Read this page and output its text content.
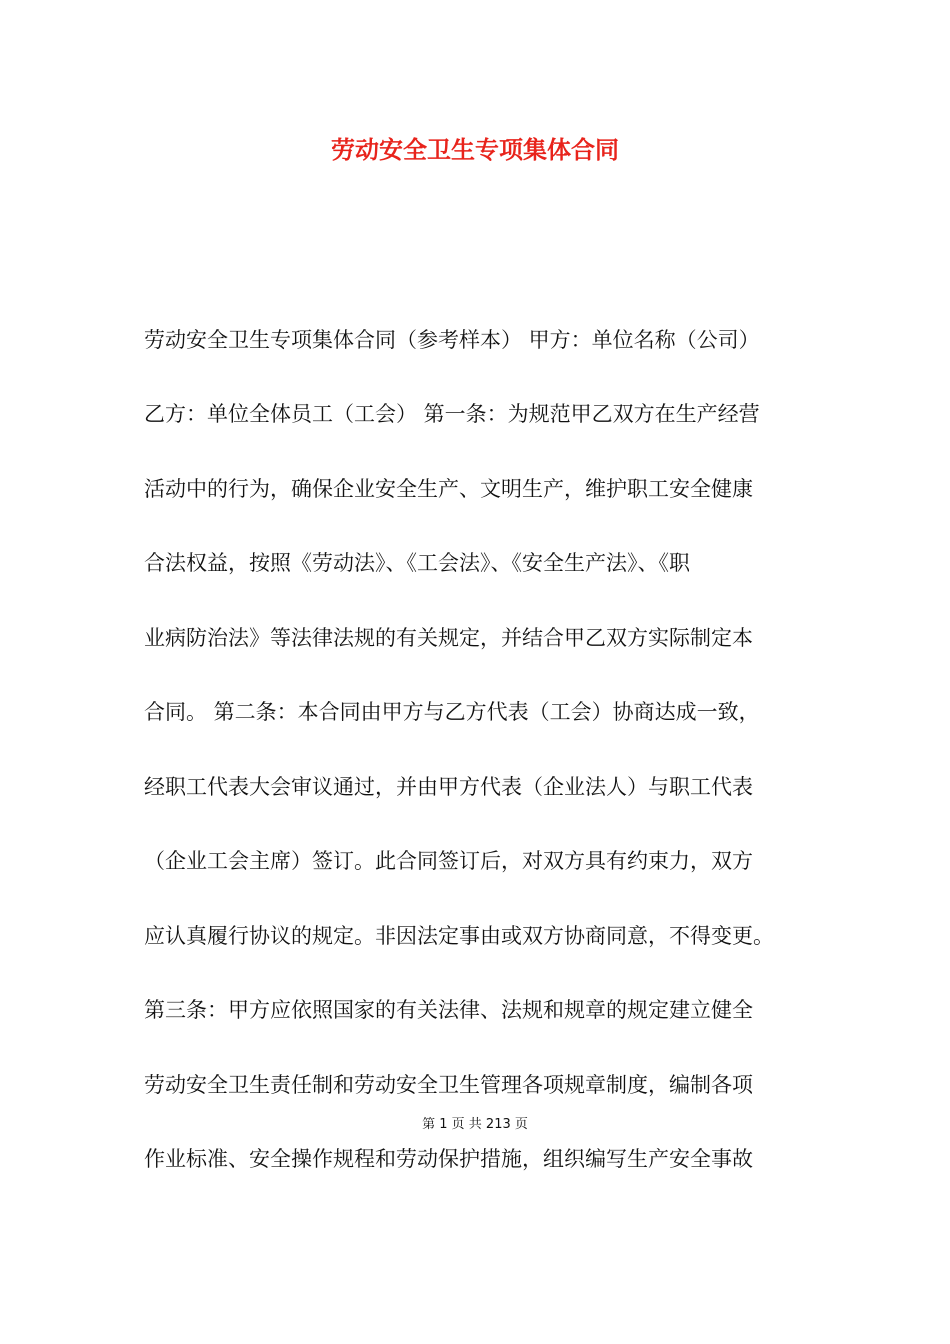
劳动安全卫生专项集体合同
劳动安全卫生专项集体合同（参考样本） 甲方：单位名称（公司）
乙方：单位全体员工（工会） 第一条：为规范甲乙双方在生产经营
活动中的行为，确保企业安全生产、文明生产，维护职工安全健康
合法权益，按照《劳动法》、《工会法》、《安全生产法》、《职
业病防治法》等法律法规的有关规定，并结合甲乙双方实际制定本
合同。 第二条：本合同由甲方与乙方代表（工会）协商达成一致，
经职工代表大会审议通过，并由甲方代表（企业法人）与职工代表
（企业工会主席）签订。此合同签订后，对双方具有约束力，双方
应认真履行协议的规定。非因法定事由或双方协商同意，不得变更。
第三条：甲方应依照国家的有关法律、法规和规章的规定建立健全
劳动安全卫生责任制和劳动安全卫生管理各项规章制度，编制各项
第 1 页 共 213 页
作业标准、安全操作规程和劳动保护措施，组织编写生产安全事故
